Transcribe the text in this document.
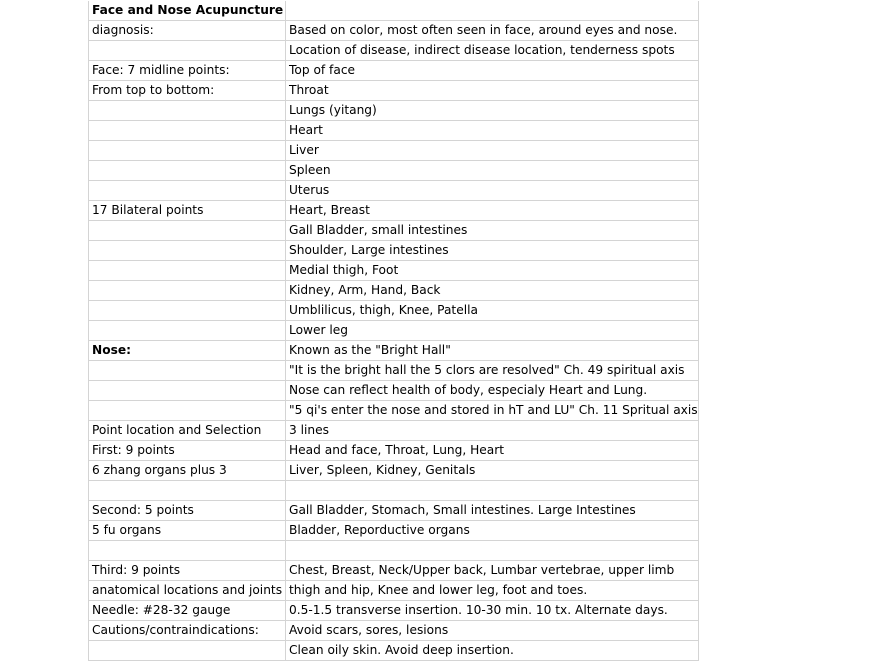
Face and Nose Acupuncture	
diagnosis:	Based on color, most often seen in face, around eyes and nose.
	Location of disease, indirect disease location, tenderness spots
Face: 7 midline points:	Top of face
From top to bottom:	Throat
	Lungs (yitang)
	Heart
	Liver
	Spleen
	Uterus
17 Bilateral points	Heart, Breast
	Gall Bladder, small intestines
	Shoulder, Large intestines
	Medial thigh, Foot
	Kidney, Arm, Hand, Back
	Umblilicus, thigh, Knee, Patella
	Lower leg
Nose:	Known as the "Bright Hall"
	"It is the bright hall the 5 clors are resolved" Ch. 49 spiritual axis
	Nose can reflect health of body, especialy Heart and Lung.
	"5 qi's enter the nose and stored in hT and LU" Ch. 11 Spritual axis
Point location and Selection	3 lines
First: 9 points	Head and face, Throat, Lung, Heart
6 zhang organs plus 3	Liver, Spleen, Kidney, Genitals

Second: 5 points	Gall Bladder, Stomach, Small intestines. Large Intestines
5 fu organs	Bladder, Reporductive organs

Third: 9 points	Chest, Breast, Neck/Upper back, Lumbar vertebrae, upper limb
anatomical locations and joints	thigh and hip, Knee and lower leg, foot and toes.
Needle: #28-32 gauge	0.5-1.5 transverse insertion. 10-30 min. 10 tx. Alternate days.
Cautions/contraindications:	Avoid scars, sores, lesions
	Clean oily skin. Avoid deep insertion.
